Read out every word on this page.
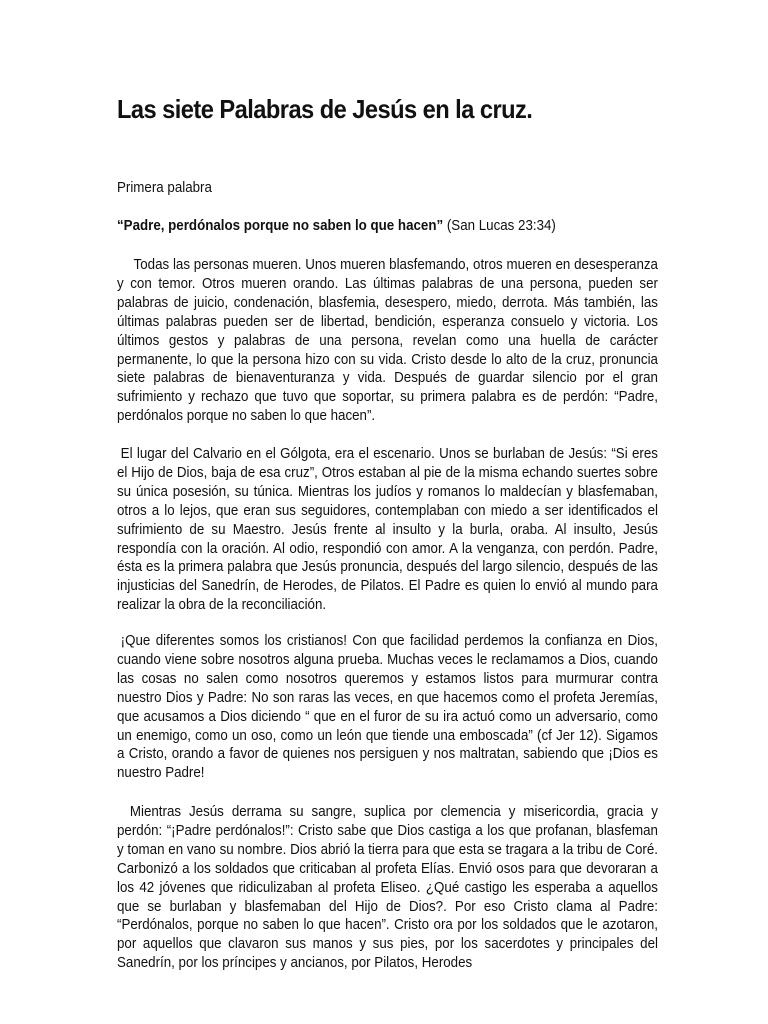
Las siete Palabras de Jesús en la cruz.

Primera palabra

“Padre, perdónalos porque no saben lo que hacen” (San Lucas 23:34)

Todas las personas mueren. Unos mueren blasfemando, otros mueren en desesperanza y con temor. Otros mueren orando. Las últimas palabras de una persona, pueden ser palabras de juicio, condenación, blasfemia, desespero, miedo, derrota. Más también, las últimas palabras pueden ser de libertad, bendición, esperanza consuelo y victoria. Los últimos gestos y palabras de una persona, revelan como una huella de carácter permanente, lo que la persona hizo con su vida. Cristo desde lo alto de la cruz, pronuncia siete palabras de bienaventuranza y vida. Después de guardar silencio por el gran sufrimiento y rechazo que tuvo que soportar, su primera palabra es de perdón: “Padre, perdónalos porque no saben lo que hacen”.

El lugar del Calvario en el Gólgota, era el escenario. Unos se burlaban de Jesús: “Si eres el Hijo de Dios, baja de esa cruz”, Otros estaban al pie de la misma echando suertes sobre su única posesión, su túnica. Mientras los judíos y romanos lo maldecían y blasfemaban, otros a lo lejos, que eran sus seguidores, contemplaban con miedo a ser identificados el sufrimiento de su Maestro. Jesús frente al insulto y la burla, oraba. Al insulto, Jesús respondía con la oración. Al odio, respondió con amor. A la venganza, con perdón. Padre, ésta es la primera palabra que Jesús pronuncia, después del largo silencio, después de las injusticias del Sanedrín, de Herodes, de Pilatos. El Padre es quien lo envió al mundo para realizar la obra de la reconciliación.

¡Que diferentes somos los cristianos! Con que facilidad perdemos la confianza en Dios, cuando viene sobre nosotros alguna prueba. Muchas veces le reclamamos a Dios, cuando las cosas no salen como nosotros queremos y estamos listos para murmurar contra nuestro Dios y Padre: No son raras las veces, en que hacemos como el profeta Jeremías, que acusamos a Dios diciendo “ que en el furor de su ira actuó como un adversario, como un enemigo, como un oso, como un león que tiende una emboscada” (cf Jer 12). Sigamos a Cristo, orando a favor de quienes nos persiguen y nos maltratan, sabiendo que ¡Dios es nuestro Padre!

Mientras Jesús derrama su sangre, suplica por clemencia y misericordia, gracia y perdón: “¡Padre perdónalos!”: Cristo sabe que Dios castiga a los que profanan, blasfeman y toman en vano su nombre. Dios abrió la tierra para que esta se tragara a la tribu de Coré. Carbonizó a los soldados que criticaban al profeta Elías. Envió osos para que devoraran a los 42 jóvenes que ridiculizaban al profeta Eliseo. ¿Qué castigo les esperaba a aquellos que se burlaban y blasfemaban del Hijo de Dios?. Por eso Cristo clama al Padre: “Perdónalos, porque no saben lo que hacen”. Cristo ora por los soldados que le azotaron, por aquellos que clavaron sus manos y sus pies, por los sacerdotes y principales del Sanedrín, por los príncipes y ancianos, por Pilatos, Herodes
